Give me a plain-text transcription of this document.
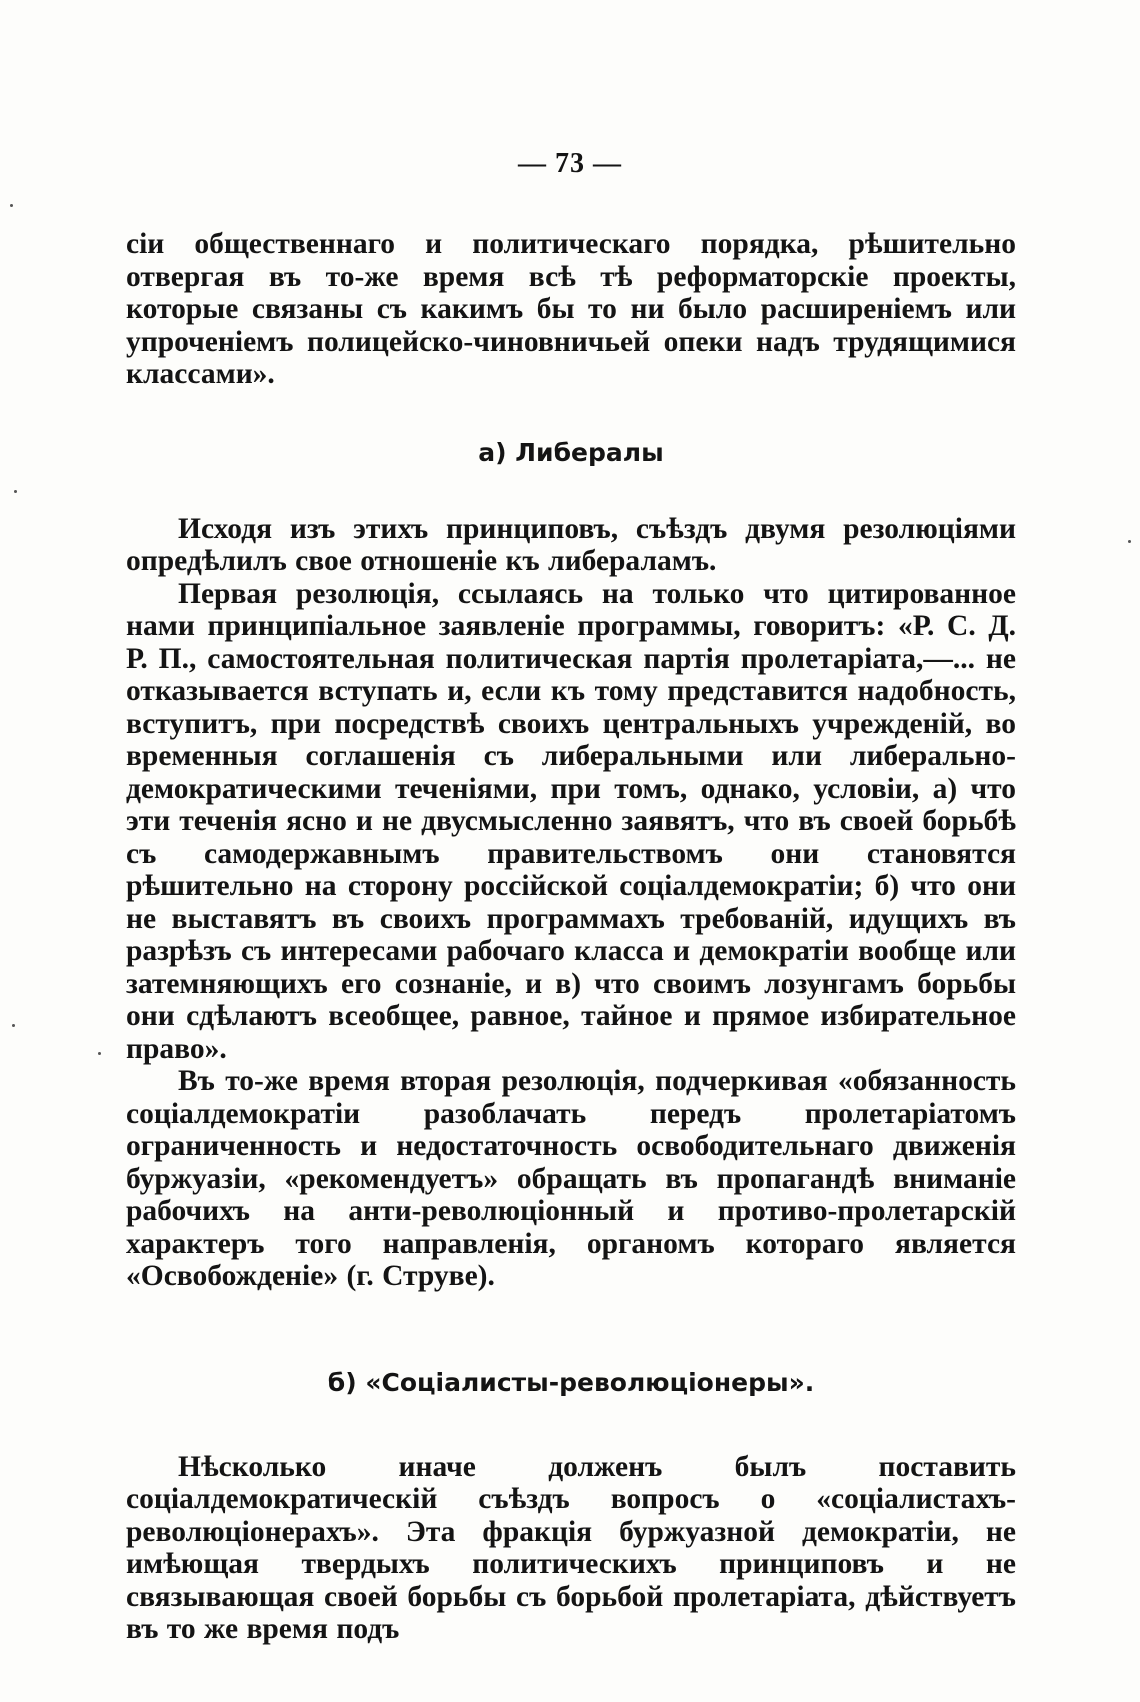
— 73 —

сіи общественнаго и политическаго порядка, рѣшительно отвергая въ то-же время всѣ тѣ реформаторскіе проекты, которые связаны съ какимъ бы то ни было расширеніемъ или упроченіемъ полицейско-чиновничьей опеки надъ трудящимися классами».

а) Либералы

Исходя изъ этихъ принциповъ, съѣздъ двумя резолюціями опредѣлилъ свое отношеніе къ либераламъ.

Первая резолюція, ссылаясь на только что цитированное нами принципіальное заявленіе программы, говоритъ: «Р. С. Д. Р. П., самостоятельная политическая партія пролетаріата,—... не отказывается вступать и, если къ тому представится надобность, вступитъ, при посредствѣ своихъ центральныхъ учрежденій, во временныя соглашенія съ либеральными или либерально-демократическими теченіями, при томъ, однако, условіи, а) что эти теченія ясно и не двусмысленно заявятъ, что въ своей борьбѣ съ самодержавнымъ правительствомъ они становятся рѣшительно на сторону россійской соціалдемократіи; б) что они не выставятъ въ своихъ программахъ требованій, идущихъ въ разрѣзъ съ интересами рабочаго класса и демократіи вообще или затемняющихъ его сознаніе, и в) что своимъ лозунгамъ борьбы они сдѣлаютъ всеобщее, равное, тайное и прямое избирательное право».

Въ то-же время вторая резолюція, подчеркивая «обязанность соціалдемократіи разоблачать передъ пролетаріатомъ ограниченность и недостаточность освободительнаго движенія буржуазіи, «рекомендуетъ» обращать въ пропагандѣ вниманіе рабочихъ на анти-революціонный и противо-пролетарскій характеръ того направленія, органомъ котораго является «Освобожденіе» (г. Струве).

б) «Соціалисты-революціонеры».

Нѣсколько иначе долженъ былъ поставить соціалдемократическій съѣздъ вопросъ о «соціалистахъ-революціонерахъ». Эта фракція буржуазной демократіи, не имѣющая твердыхъ политическихъ принциповъ и не связывающая своей борьбы съ борьбой пролетаріата, дѣйствуетъ въ то же время подъ
